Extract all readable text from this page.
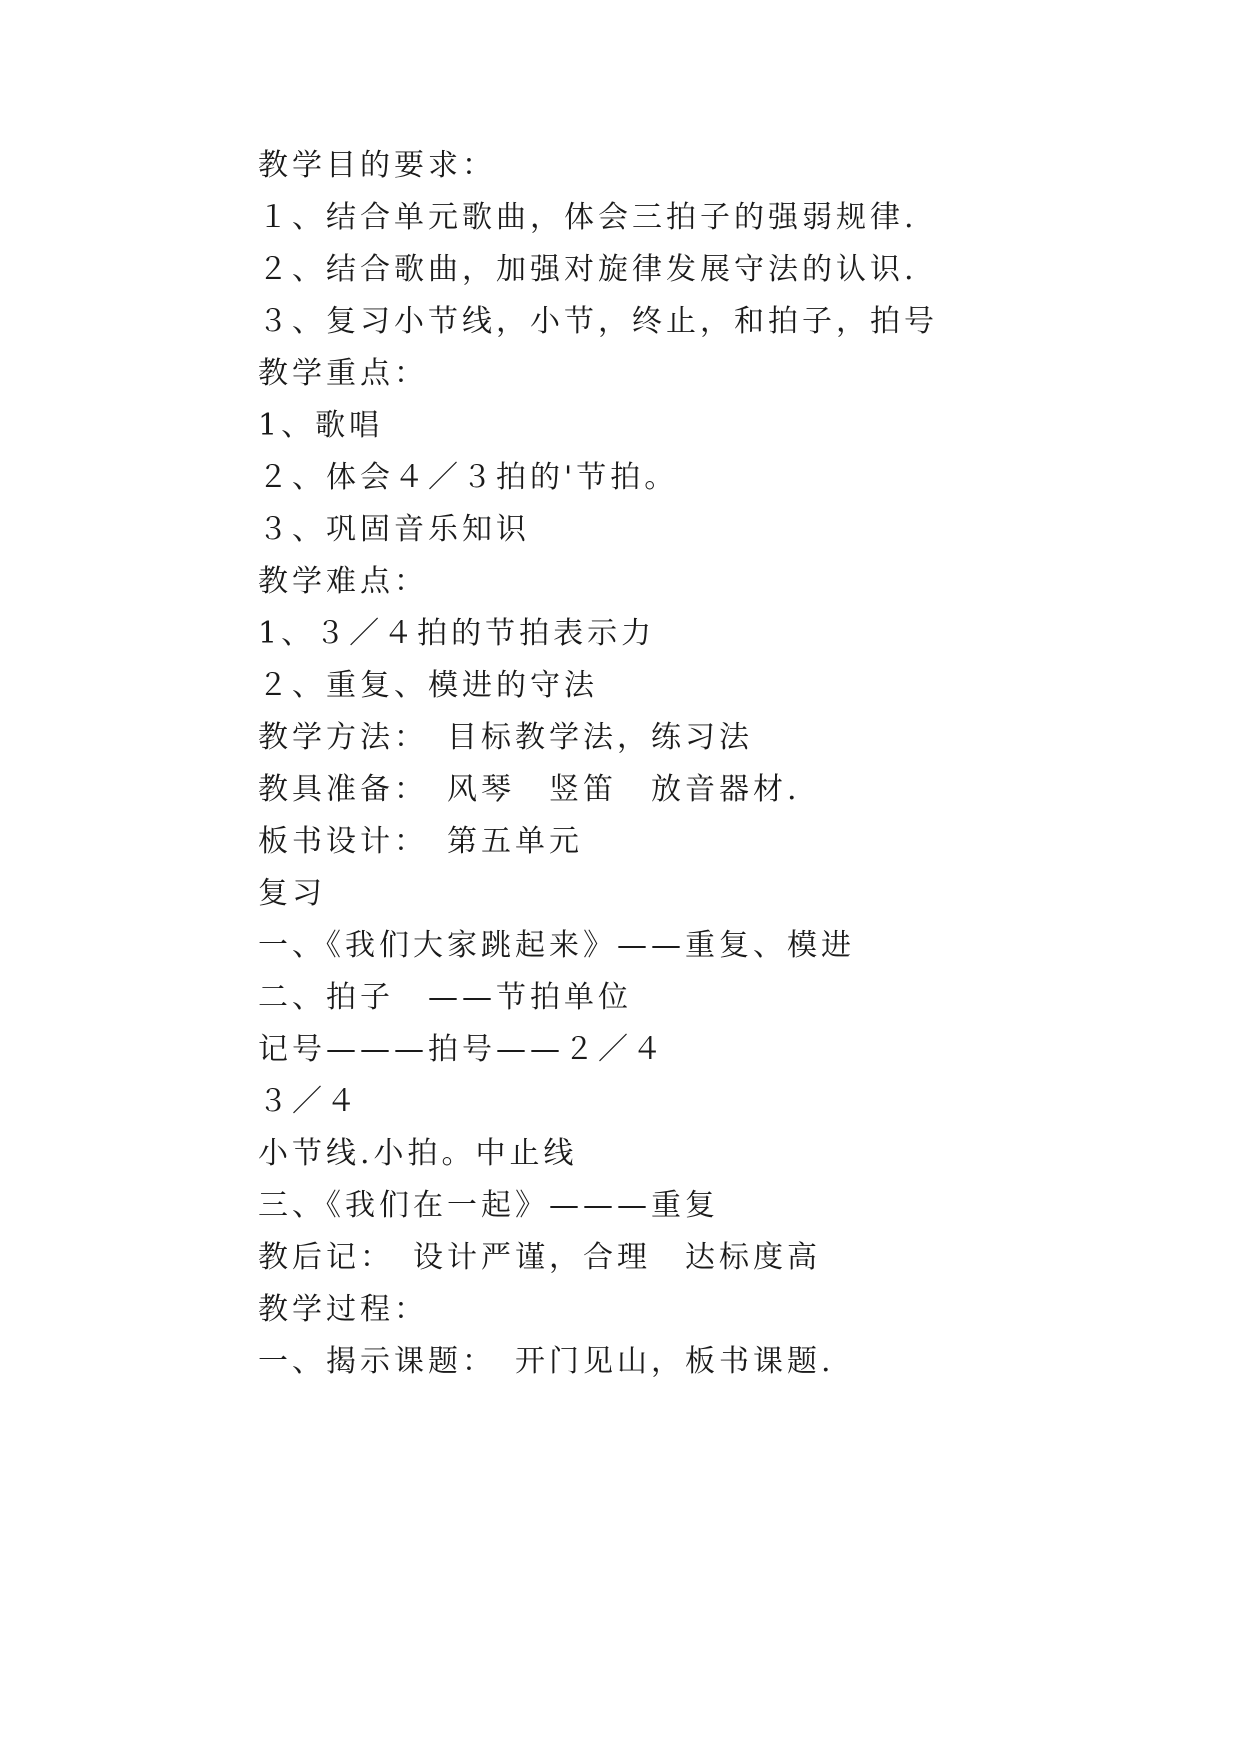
教学目的要求：
１、结合单元歌曲，体会三拍子的强弱规律.
２、结合歌曲，加强对旋律发展守法的认识.
３、复习小节线，小节，终止，和拍子，拍号
教学重点：
1、歌唱
２、体会４／３拍的'节拍。
３、巩固音乐知识
教学难点：
1、３／４拍的节拍表示力
２、重复、模进的守法
教学方法：　目标教学法，练习法
教具准备：　风琴　竖笛　放音器材.
板书设计：　第五单元
复习
一、《我们大家跳起来》——重复、模进
二、拍子　——节拍单位
记号———拍号——２／４
３／４
小节线.小拍。中止线
三、《我们在一起》———重复
教后记：　设计严谨，合理　达标度高
教学过程：
一、揭示课题：　开门见山，板书课题.
